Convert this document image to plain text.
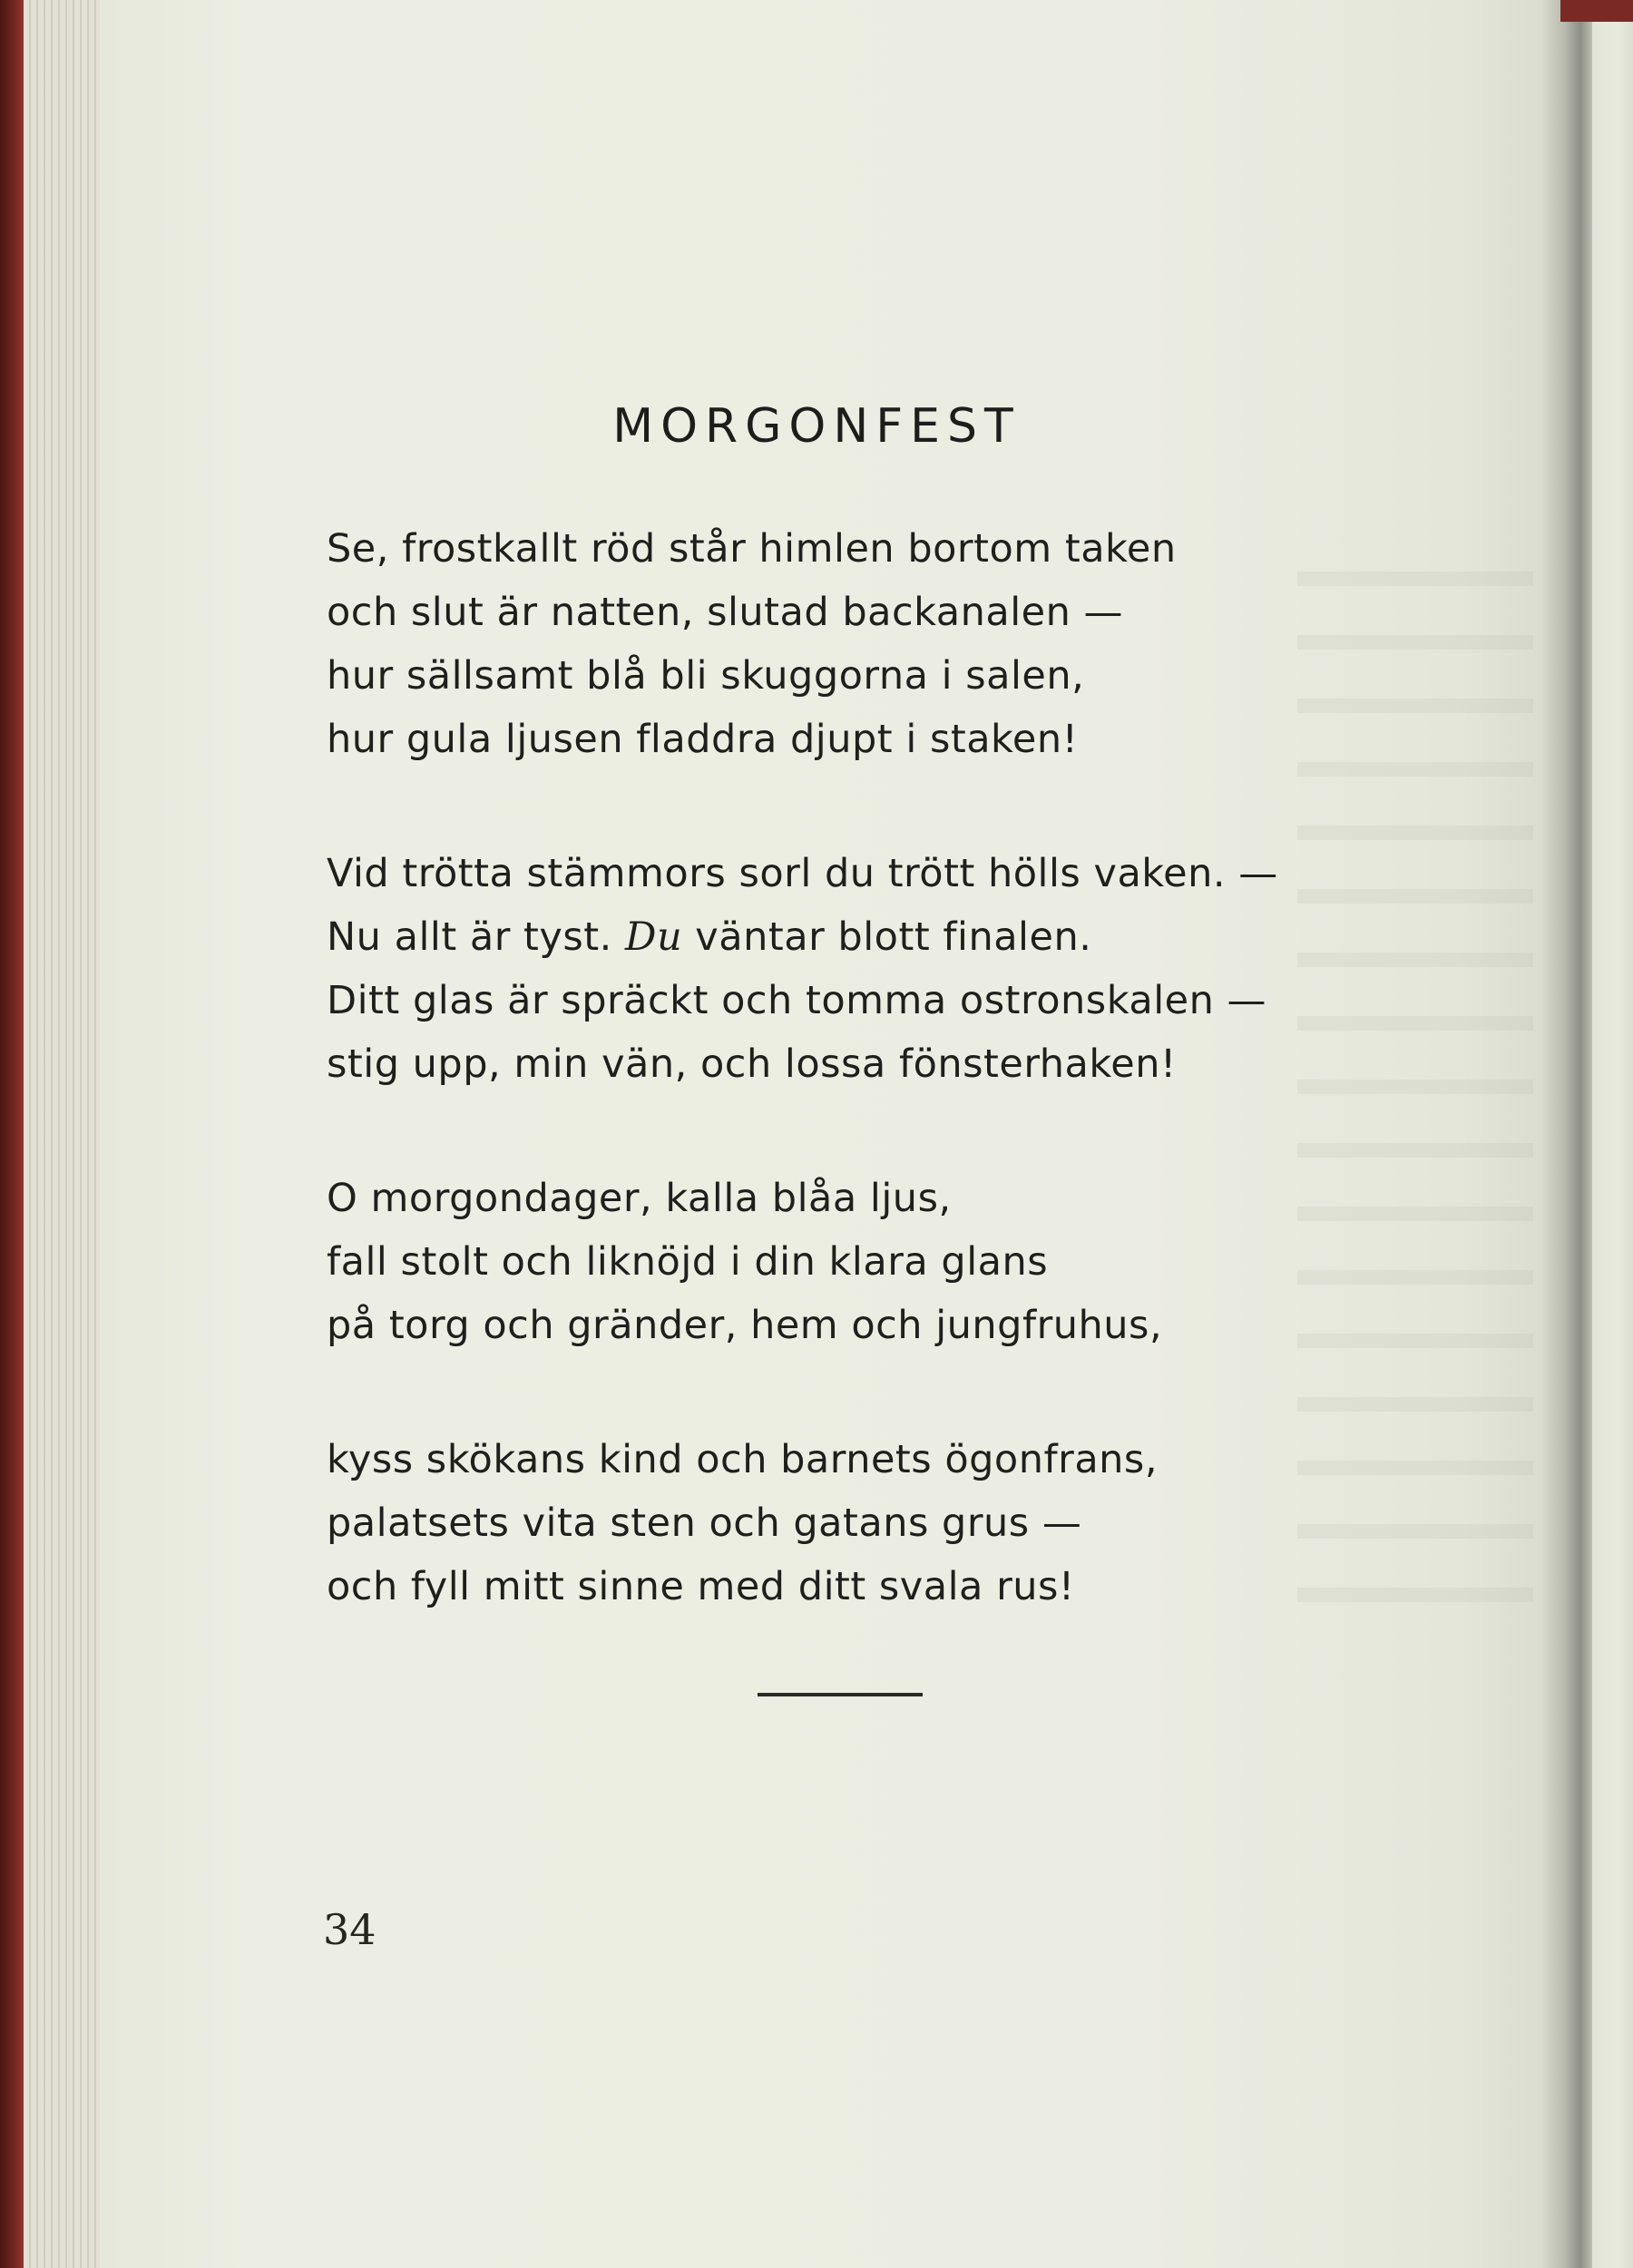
MORGONFEST
Se, frostkallt röd står himlen bortom taken
och slut är natten, slutad backanalen —
hur sällsamt blå bli skuggorna i salen,
hur gula ljusen fladdra djupt i staken!
Vid trötta stämmors sorl du trött hölls vaken. —
Nu allt är tyst. Du väntar blott finalen.
Ditt glas är spräckt och tomma ostronskalen —
stig upp, min vän, och lossa fönsterhaken!
O morgondager, kalla blåa ljus,
fall stolt och liknöjd i din klara glans
på torg och gränder, hem och jungfruhus,
kyss skökans kind och barnets ögonfrans,
palatsets vita sten och gatans grus —
och fyll mitt sinne med ditt svala rus!
34
